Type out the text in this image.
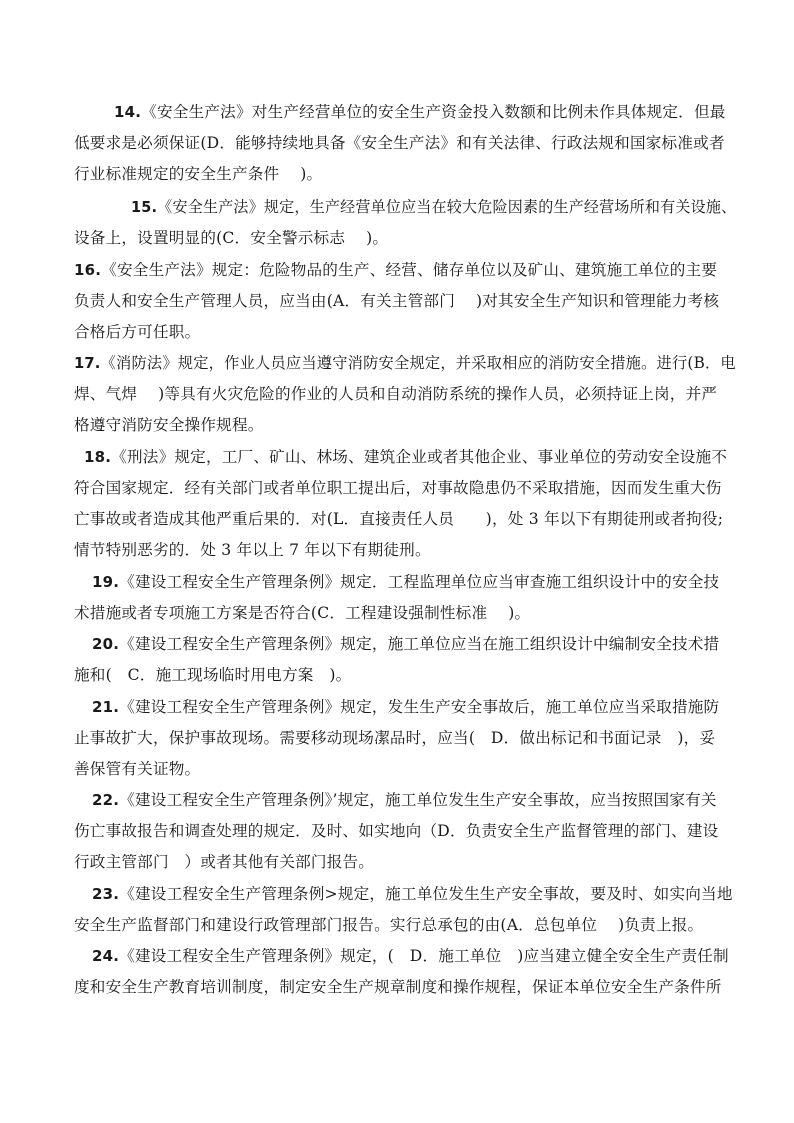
14.《安全生产法》对生产经营单位的安全生产资金投入数额和比例未作具体规定．但最
低要求是必须保证(D．能够持续地具备《安全生产法》和有关法律、行政法规和国家标准或者
行业标准规定的安全生产条件　 )。
15.《安全生产法》规定，生产经营单位应当在较大危险因素的生产经营场所和有关设施、
设备上，设置明显的(C．安全警示标志　 )。
16.《安全生产法》规定：危险物品的生产、经营、储存单位以及矿山、建筑施工单位的主要
负责人和安全生产管理人员，应当由(A．有关主管部门　 )对其安全生产知识和管理能力考核
合格后方可任职。
17.《消防法》规定，作业人员应当遵守消防安全规定，并采取相应的消防安全措施。进行(B．电
焊、气焊　 )等具有火灾危险的作业的人员和自动消防系统的操作人员，必须持证上岗，并严
格遵守消防安全操作规程。
18.《刑法》规定，工厂、矿山、林场、建筑企业或者其他企业、事业单位的劳动安全设施不
符合国家规定．经有关部门或者单位职工提出后，对事故隐患仍不采取措施，因而发生重大伤
亡事故或者造成其他严重后果的．对(L．直接责任人员　　)，处 3 年以下有期徒刑或者拘役;
情节特别恶劣的．处 3 年以上 7 年以下有期徒刑。
19.《建设工程安全生产管理条例》规定．工程监理单位应当审查施工组织设计中的安全技
术措施或者专项施工方案是否符合(C．工程建设强制性标准　 )。
20.《建设工程安全生产管理条例》规定，施工单位应当在施工组织设计中编制安全技术措
施和(　C．施工现场临时用电方案　)。
21.《建设工程安全生产管理条例》规定，发生生产安全事故后，施工单位应当采取措施防
止事故扩大，保护事故现场。需要移动现场㓗品时，应当(　D．做出标记和书面记录　)，妥
善保管有关证物。
22.《建设工程安全生产管理条例》’规定，施工单位发生生产安全事故，应当按照国家有关
伤亡事故报告和调查处理的规定．及时、如实地向（D．负责安全生产监督管理的部门、建设
行政主管部门　）或者其他有关部门报告。
23.《建设工程安全生产管理条例>规定，施工单位发生生产安全事故，要及时、如实向当地
安全生产监督部门和建设行政管理部门报告。实行总承包的由(A．总包单位　 )负责上报。
24.《建设工程安全生产管理条例》规定，(　D．施工单位　)应当建立健全安全生产责任制
度和安全生产教育培训制度，制定安全生产规章制度和操作规程，保证本单位安全生产条件所
